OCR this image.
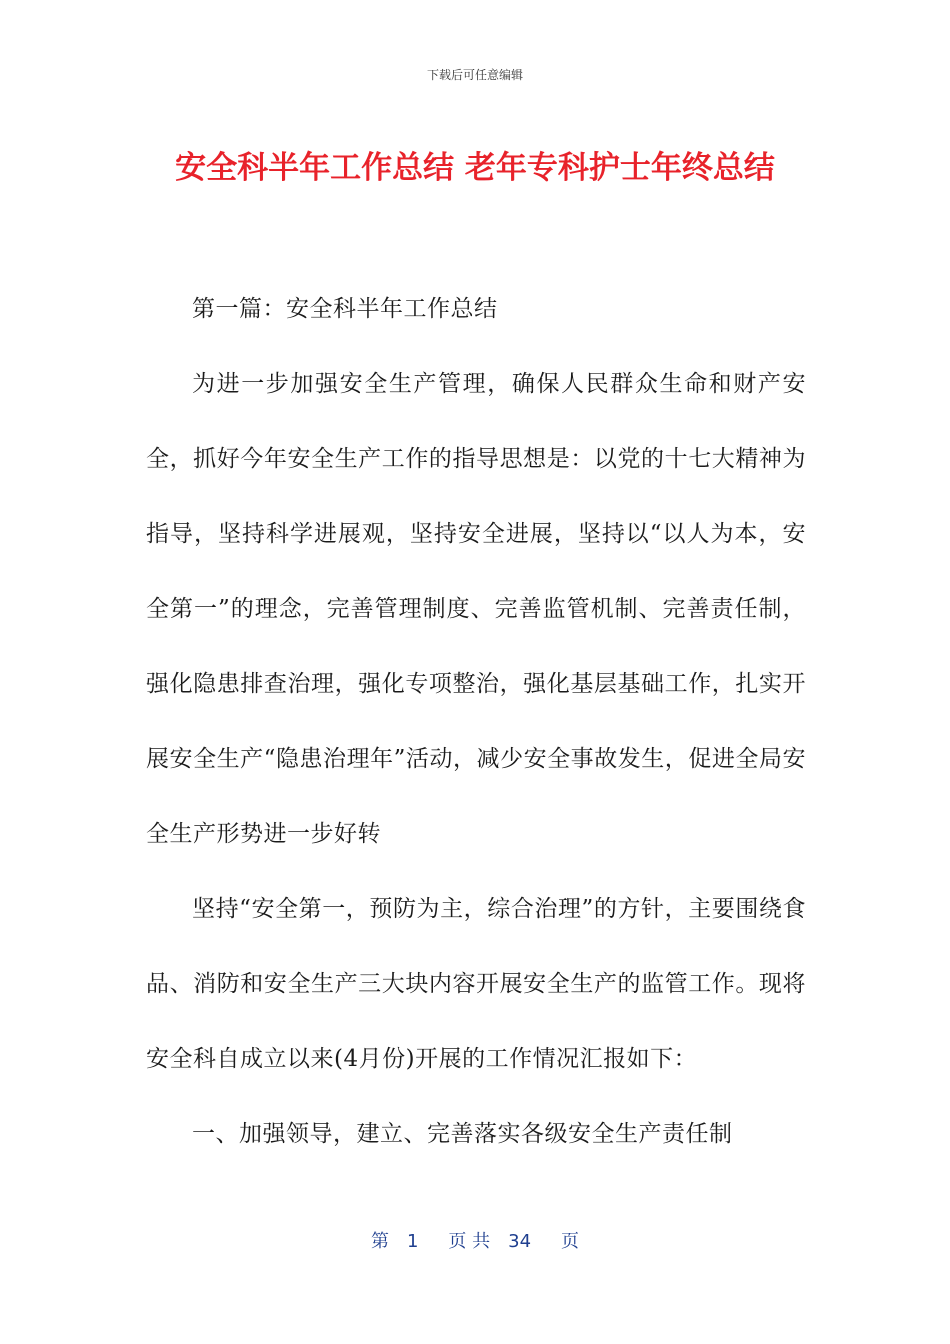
下载后可任意编辑
安全科半年工作总结 老年专科护士年终总结

第一篇：安全科半年工作总结

为进一步加强安全生产管理，确保人民群众生命和财产安全，抓好今年安全生产工作的指导思想是：以党的十七大精神为指导，坚持科学进展观，坚持安全进展，坚持以“以人为本，安全第一”的理念，完善管理制度、完善监管机制、完善责任制，强化隐患排查治理，强化专项整治，强化基层基础工作，扎实开展安全生产“隐患治理年”活动，减少安全事故发生，促进全局安全生产形势进一步好转

坚持“安全第一，预防为主，综合治理”的方针，主要围绕食品、消防和安全生产三大块内容开展安全生产的监管工作。现将安全科自成立以来(4月份)开展的工作情况汇报如下：

一、加强领导，建立、完善落实各级安全生产责任制

第 1 页 共 34 页
